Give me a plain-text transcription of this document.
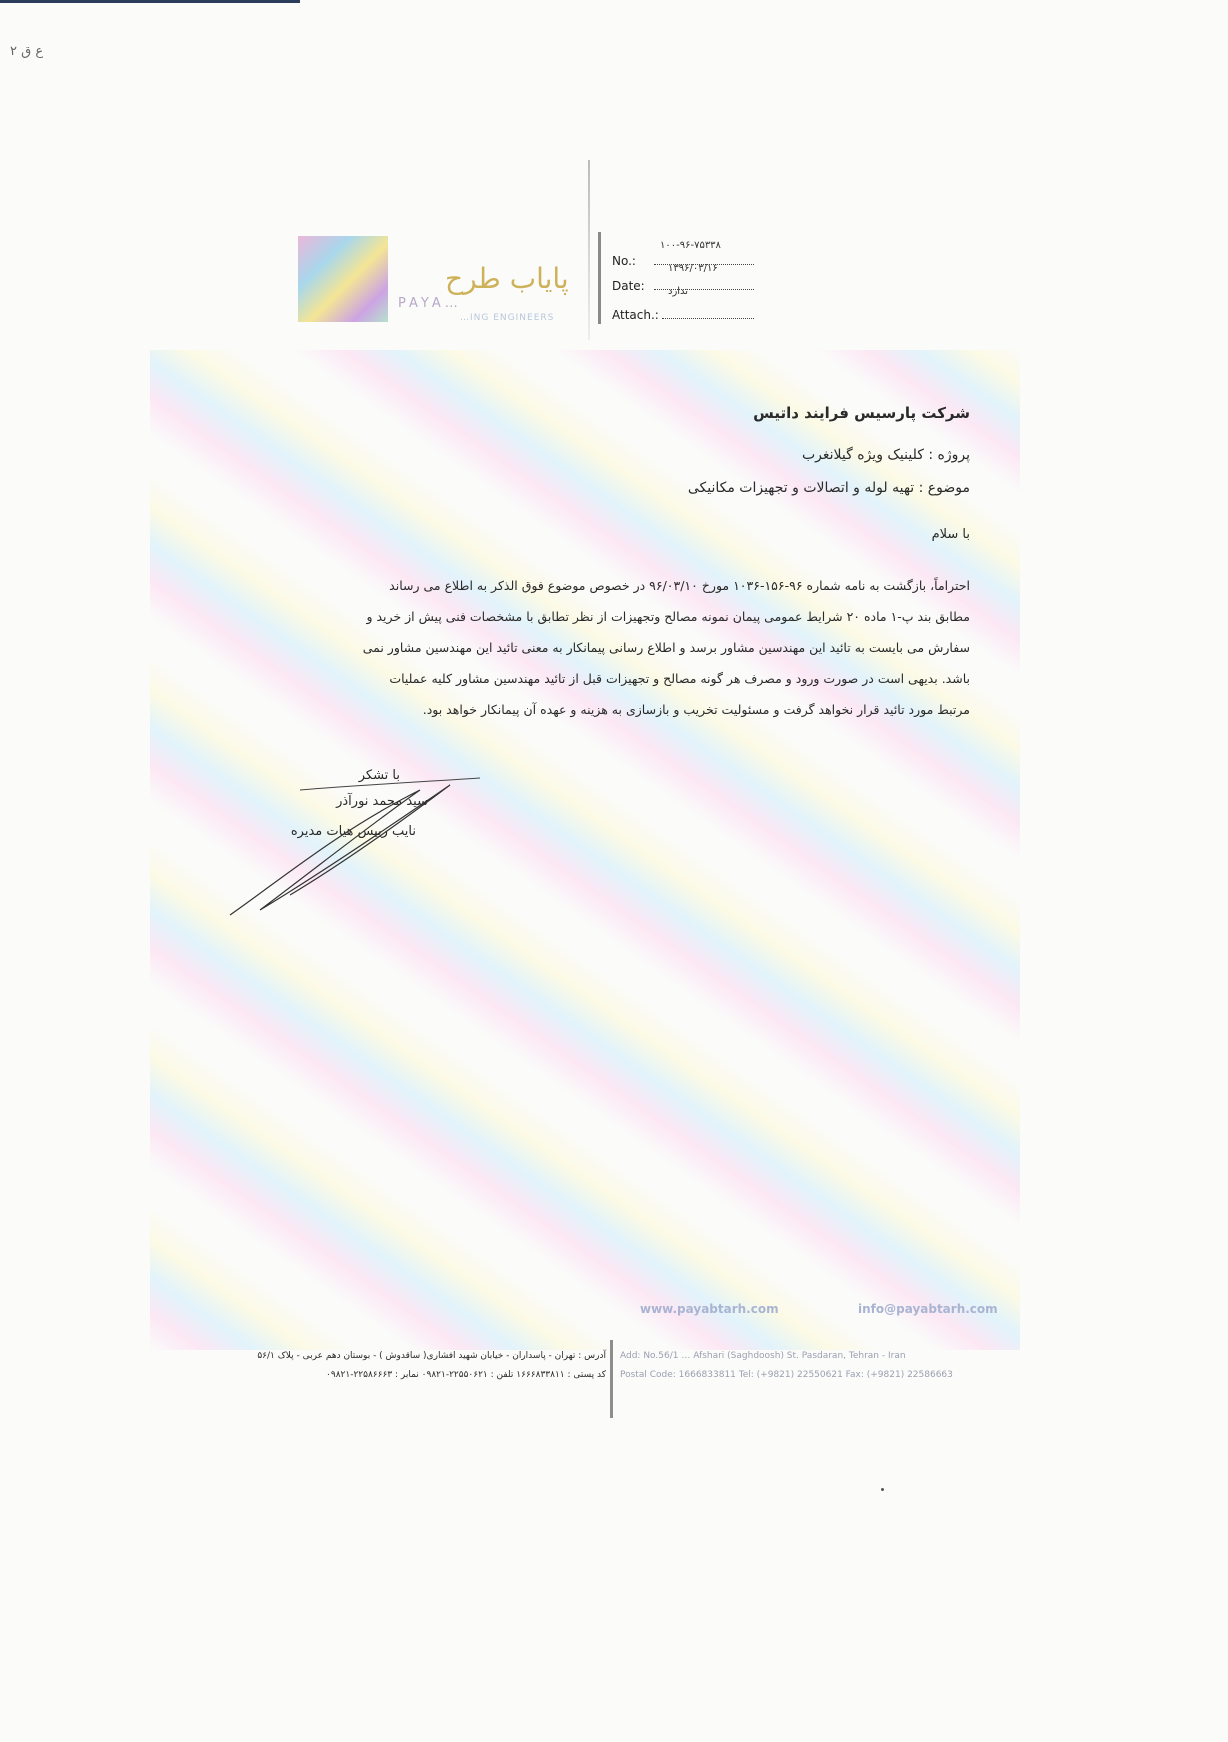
ع ق ۲
پایاب طرح
PAYA…
…ING ENGINEERS
۱۰۰-۹۶-۷۵۳۳۸
No.:
۱۳۹۶/۰۳/۱۶
Date:	ندارد
Attach.:
شرکت پارسیس فرایند داتیس
پروژه : کلینیک ویژه گیلانغرب
موضوع : تهیه لوله و اتصالات و تجهیزات مکانیکی
با سلام

احتراماً، بازگشت به نامه شماره ۹۶-۱۵۶-۱۰۳۶ مورخ ۹۶/۰۳/۱۰ در خصوص موضوع فوق الذکر به اطلاع می رساند

مطابق بند پ-۱ ماده ۲۰ شرایط عمومی پیمان نمونه مصالح وتجهیزات از نظر تطابق با مشخصات فنی پیش از خرید و

سفارش می بایست به تائید این مهندسین مشاور برسد و اطلاع رسانی پیمانکار به معنی تائید این مهندسین مشاور نمی

باشد. بدیهی است در صورت ورود و مصرف هر گونه مصالح و تجهیزات قبل از تائید مهندسین مشاور کلیه عملیات

مرتبط مورد تائید قرار نخواهد گرفت و مسئولیت تخریب و بازسازی به هزینه و عهده آن پیمانکار خواهد بود.

با تشکر
سید محمد نورآذر
نایب رییس هیات مدیره
www.payabtarh.com	info@payabtarh.com
آدرس : تهران - پاسداران - خیابان شهید افشاری( ساقدوش ) - بوستان دهم عربی - پلاک ۵۶/۱
کد پستی : ۱۶۶۶۸۳۳۸۱۱ تلفن : ۲۲۵۵۰۶۲۱-۰۹۸۲۱ نمابر : ۲۲۵۸۶۶۶۳-۰۹۸۲۱
Add: No.56/1 … Afshari (Saghdoosh) St. Pasdaran, Tehran - Iran
Postal Code: 1666833811 Tel: (+9821) 22550621 Fax: (+9821) 22586663
